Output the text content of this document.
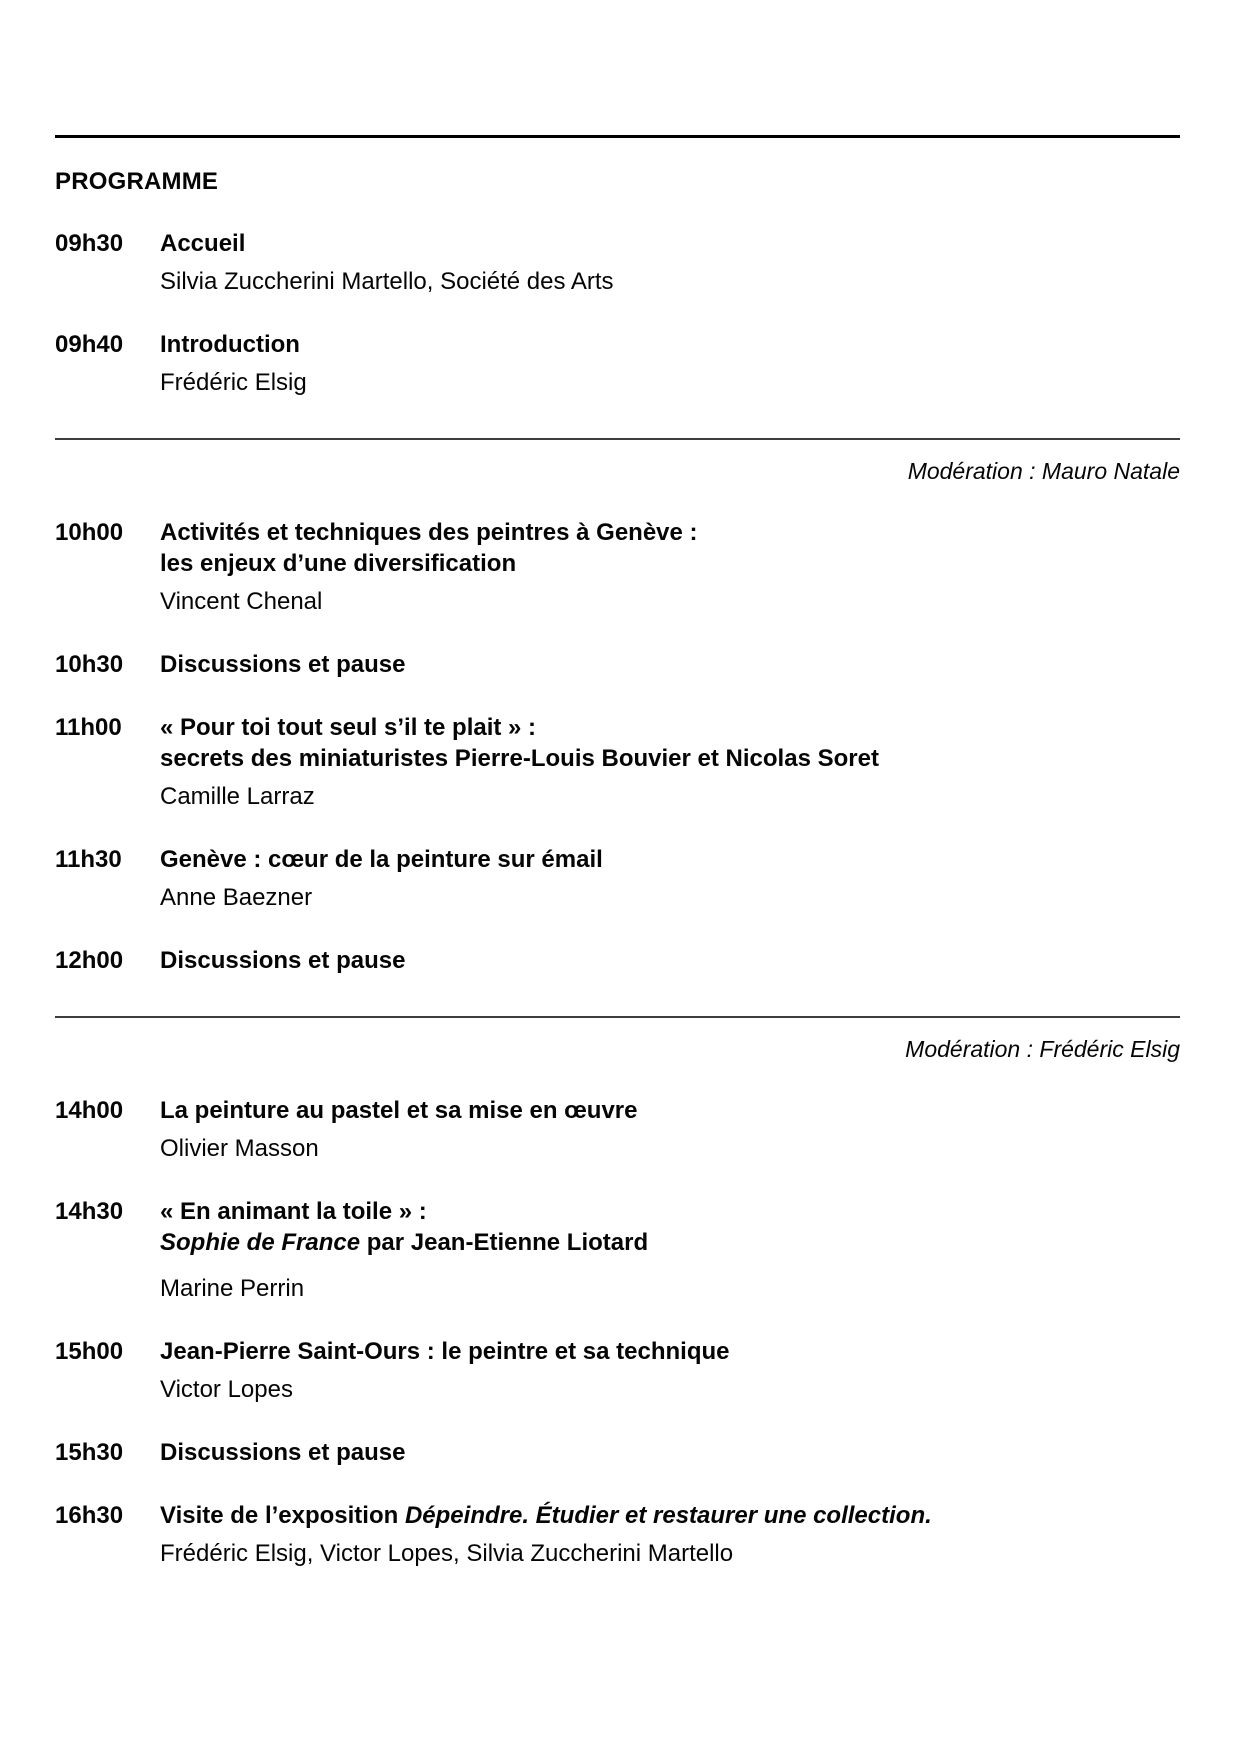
PROGRAMME
09h30	Accueil
Silvia Zuccherini Martello, Société des Arts
09h40	Introduction
Frédéric Elsig
Modération : Mauro Natale
10h00	Activités et techniques des peintres à Genève :
les enjeux d’une diversification
Vincent Chenal
10h30	Discussions et pause
11h00	« Pour toi tout seul s’il te plait » :
secrets des miniaturistes Pierre-Louis Bouvier et Nicolas Soret
Camille Larraz
11h30	Genève : cœur de la peinture sur émail
Anne Baezner
12h00	Discussions et pause
Modération : Frédéric Elsig
14h00	La peinture au pastel et sa mise en œuvre
Olivier Masson
14h30	« En animant la toile » :
Sophie de France par Jean-Etienne Liotard
Marine Perrin
15h00	Jean-Pierre Saint-Ours : le peintre et sa technique
Victor Lopes
15h30	Discussions et pause
16h30	Visite de l’exposition Dépeindre. Étudier et restaurer une collection.
Frédéric Elsig, Victor Lopes, Silvia Zuccherini Martello
